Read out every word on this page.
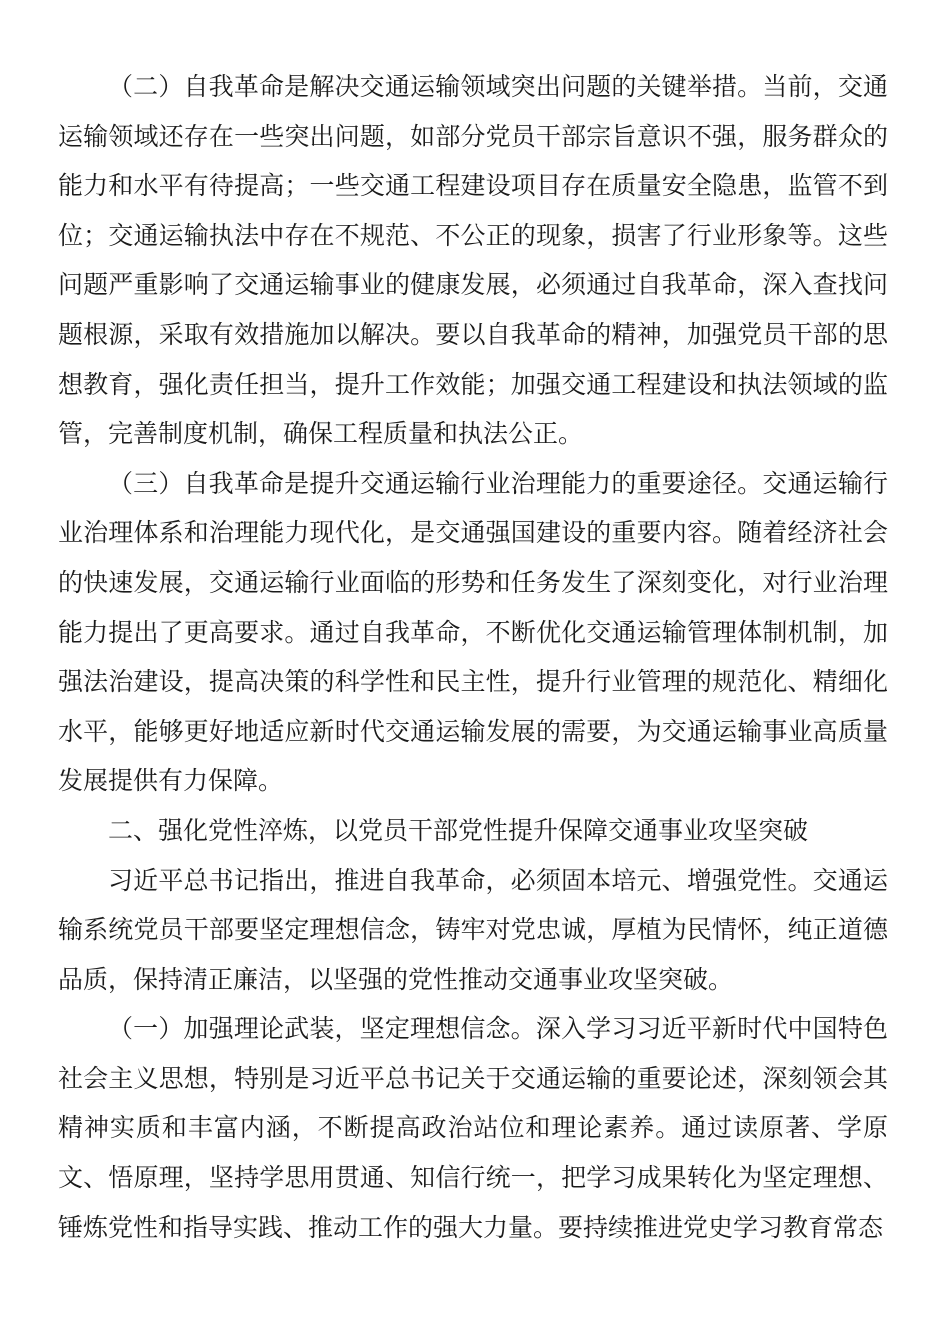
（二）自我革命是解决交通运输领域突出问题的关键举措。当前，交通运输领域还存在一些突出问题，如部分党员干部宗旨意识不强，服务群众的能力和水平有待提高；一些交通工程建设项目存在质量安全隐患，监管不到位；交通运输执法中存在不规范、不公正的现象，损害了行业形象等。这些问题严重影响了交通运输事业的健康发展，必须通过自我革命，深入查找问题根源，采取有效措施加以解决。要以自我革命的精神，加强党员干部的思想教育，强化责任担当，提升工作效能；加强交通工程建设和执法领域的监管，完善制度机制，确保工程质量和执法公正。

（三）自我革命是提升交通运输行业治理能力的重要途径。交通运输行业治理体系和治理能力现代化，是交通强国建设的重要内容。随着经济社会的快速发展，交通运输行业面临的形势和任务发生了深刻变化，对行业治理能力提出了更高要求。通过自我革命，不断优化交通运输管理体制机制，加强法治建设，提高决策的科学性和民主性，提升行业管理的规范化、精细化水平，能够更好地适应新时代交通运输发展的需要，为交通运输事业高质量发展提供有力保障。

二、强化党性淬炼，以党员干部党性提升保障交通事业攻坚突破

习近平总书记指出，推进自我革命，必须固本培元、增强党性。交通运输系统党员干部要坚定理想信念，铸牢对党忠诚，厚植为民情怀，纯正道德品质，保持清正廉洁，以坚强的党性推动交通事业攻坚突破。

（一）加强理论武装，坚定理想信念。深入学习习近平新时代中国特色社会主义思想，特别是习近平总书记关于交通运输的重要论述，深刻领会其精神实质和丰富内涵，不断提高政治站位和理论素养。通过读原著、学原文、悟原理，坚持学思用贯通、知信行统一，把学习成果转化为坚定理想、锤炼党性和指导实践、推动工作的强大力量。要持续推进党史学习教育常态
